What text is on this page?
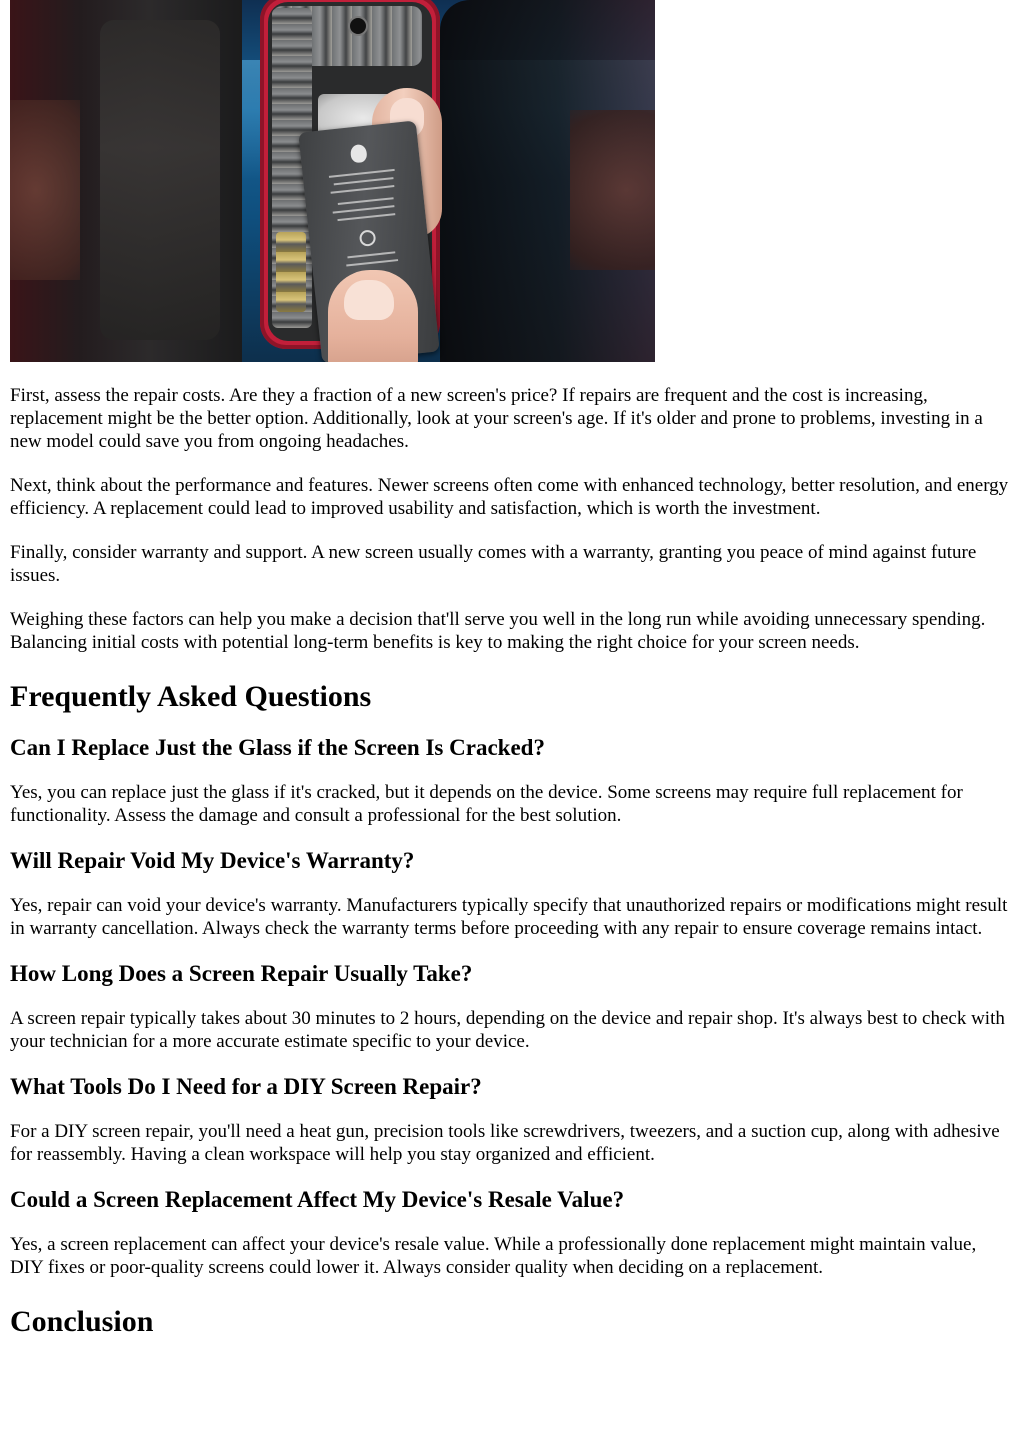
First, assess the repair costs. Are they a fraction of a new screen's price? If repairs are frequent and the cost is increasing, replacement might be the better option. Additionally, look at your screen's age. If it's older and prone to problems, investing in a new model could save you from ongoing headaches.

Next, think about the performance and features. Newer screens often come with enhanced technology, better resolution, and energy efficiency. A replacement could lead to improved usability and satisfaction, which is worth the investment.

Finally, consider warranty and support. A new screen usually comes with a warranty, granting you peace of mind against future issues.

Weighing these factors can help you make a decision that'll serve you well in the long run while avoiding unnecessary spending. Balancing initial costs with potential long-term benefits is key to making the right choice for your screen needs.

Frequently Asked Questions
Can I Replace Just the Glass if the Screen Is Cracked?

Yes, you can replace just the glass if it's cracked, but it depends on the device. Some screens may require full replacement for functionality. Assess the damage and consult a professional for the best solution.

Will Repair Void My Device's Warranty?

Yes, repair can void your device's warranty. Manufacturers typically specify that unauthorized repairs or modifications might result in warranty cancellation. Always check the warranty terms before proceeding with any repair to ensure coverage remains intact.

How Long Does a Screen Repair Usually Take?

A screen repair typically takes about 30 minutes to 2 hours, depending on the device and repair shop. It's always best to check with your technician for a more accurate estimate specific to your device.

What Tools Do I Need for a DIY Screen Repair?

For a DIY screen repair, you'll need a heat gun, precision tools like screwdrivers, tweezers, and a suction cup, along with adhesive for reassembly. Having a clean workspace will help you stay organized and efficient.

Could a Screen Replacement Affect My Device's Resale Value?

Yes, a screen replacement can affect your device's resale value. While a professionally done replacement might maintain value, DIY fixes or poor-quality screens could lower it. Always consider quality when deciding on a replacement.

Conclusion
